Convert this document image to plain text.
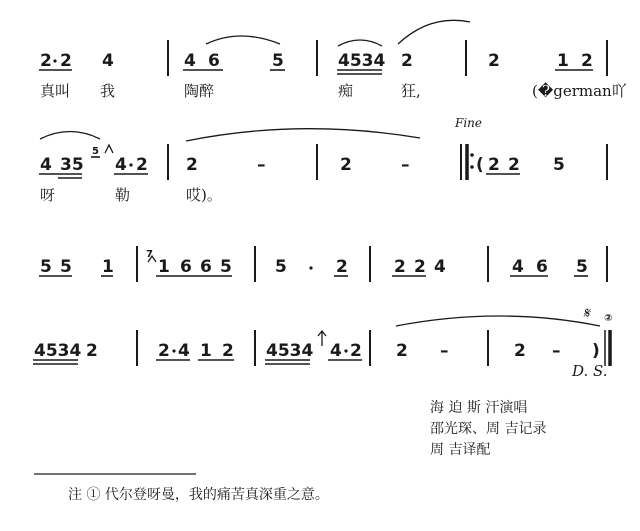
2 2 4	4 6	5	4534 2	2	1 2
真叫 我	陶醉	痴	狂,	(�german吖
4 35
5
4 2 2	–	2	–
Fine
( 2 2 5
呀	勒	哎)。
5 5 1
7
1 6 6 5	5	2	2 2 4	4 6 5
4534 2	2 4 1 2 4534 4 2 2 –	2 – )
𝄋 ②
D. S.
海 迫 斯 汗演唱
邵光琛、周 吉记录
周 吉译配
注 ① 代尔登呀曼，我的痛苦真深重之意。
